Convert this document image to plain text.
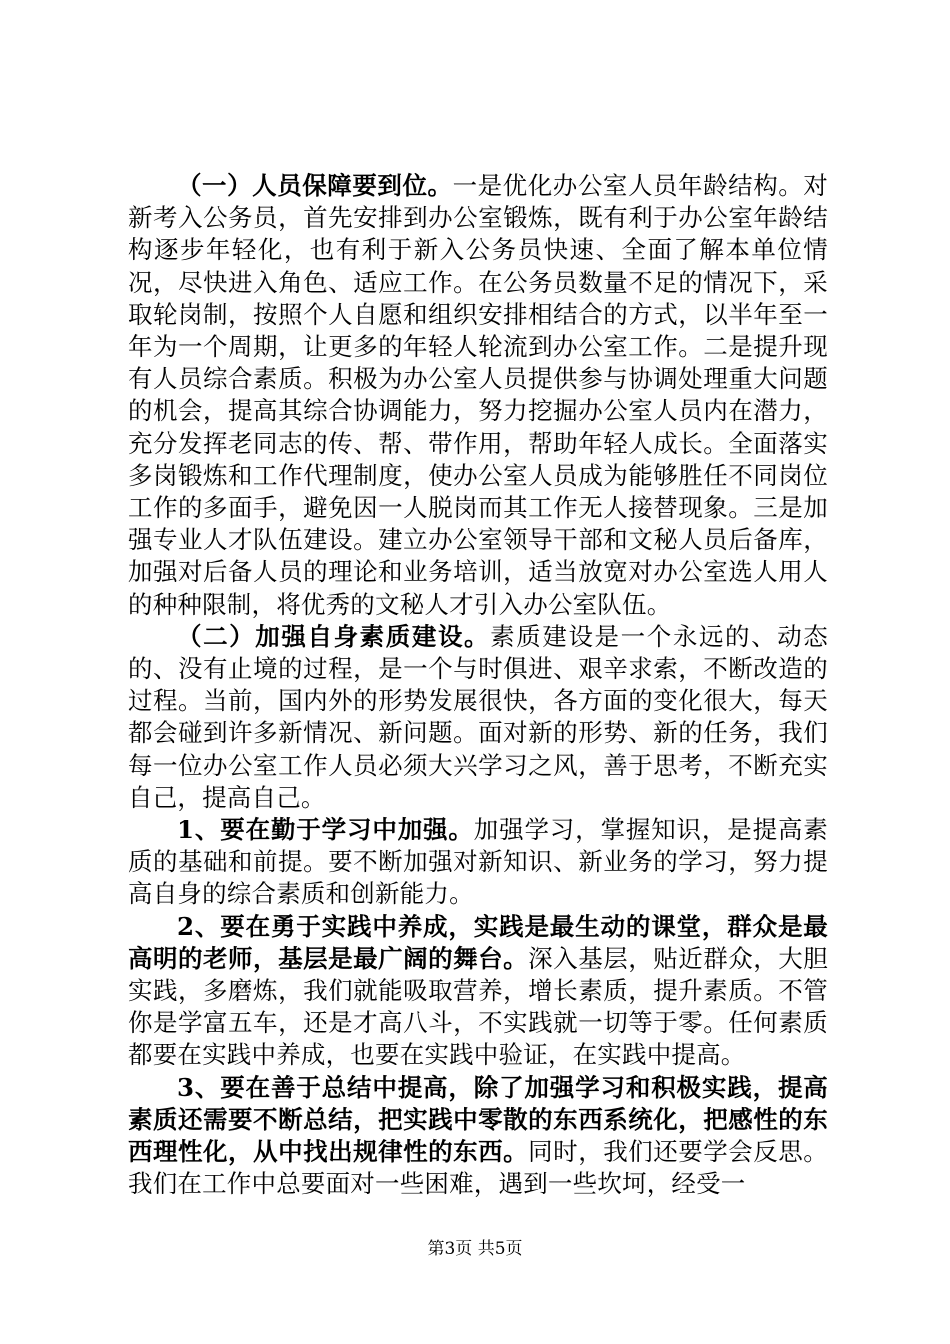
（一）人员保障要到位。一是优化办公室人员年龄结构。对新考入公务员，首先安排到办公室锻炼，既有利于办公室年龄结构逐步年轻化，也有利于新入公务员快速、全面了解本单位情况，尽快进入角色、适应工作。在公务员数量不足的情况下，采取轮岗制，按照个人自愿和组织安排相结合的方式，以半年至一年为一个周期，让更多的年轻人轮流到办公室工作。二是提升现有人员综合素质。积极为办公室人员提供参与协调处理重大问题的机会，提高其综合协调能力，努力挖掘办公室人员内在潜力，充分发挥老同志的传、帮、带作用，帮助年轻人成长。全面落实多岗锻炼和工作代理制度，使办公室人员成为能够胜任不同岗位工作的多面手，避免因一人脱岗而其工作无人接替现象。三是加强专业人才队伍建设。建立办公室领导干部和文秘人员后备库，加强对后备人员的理论和业务培训，适当放宽对办公室选人用人的种种限制，将优秀的文秘人才引入办公室队伍。

（二）加强自身素质建设。素质建设是一个永远的、动态的、没有止境的过程，是一个与时俱进、艰辛求索，不断改造的过程。当前，国内外的形势发展很快，各方面的变化很大，每天都会碰到许多新情况、新问题。面对新的形势、新的任务，我们每一位办公室工作人员必须大兴学习之风，善于思考，不断充实自己，提高自己。

1、要在勤于学习中加强。加强学习，掌握知识，是提高素质的基础和前提。要不断加强对新知识、新业务的学习，努力提高自身的综合素质和创新能力。

2、要在勇于实践中养成，实践是最生动的课堂，群众是最高明的老师，基层是最广阔的舞台。深入基层，贴近群众，大胆实践，多磨炼，我们就能吸取营养，增长素质，提升素质。不管你是学富五车，还是才高八斗，不实践就一切等于零。任何素质都要在实践中养成，也要在实践中验证，在实践中提高。

3、要在善于总结中提高，除了加强学习和积极实践，提高素质还需要不断总结，把实践中零散的东西系统化，把感性的东西理性化，从中找出规律性的东西。同时，我们还要学会反思。我们在工作中总要面对一些困难，遇到一些坎坷，经受一

第3页 共5页
